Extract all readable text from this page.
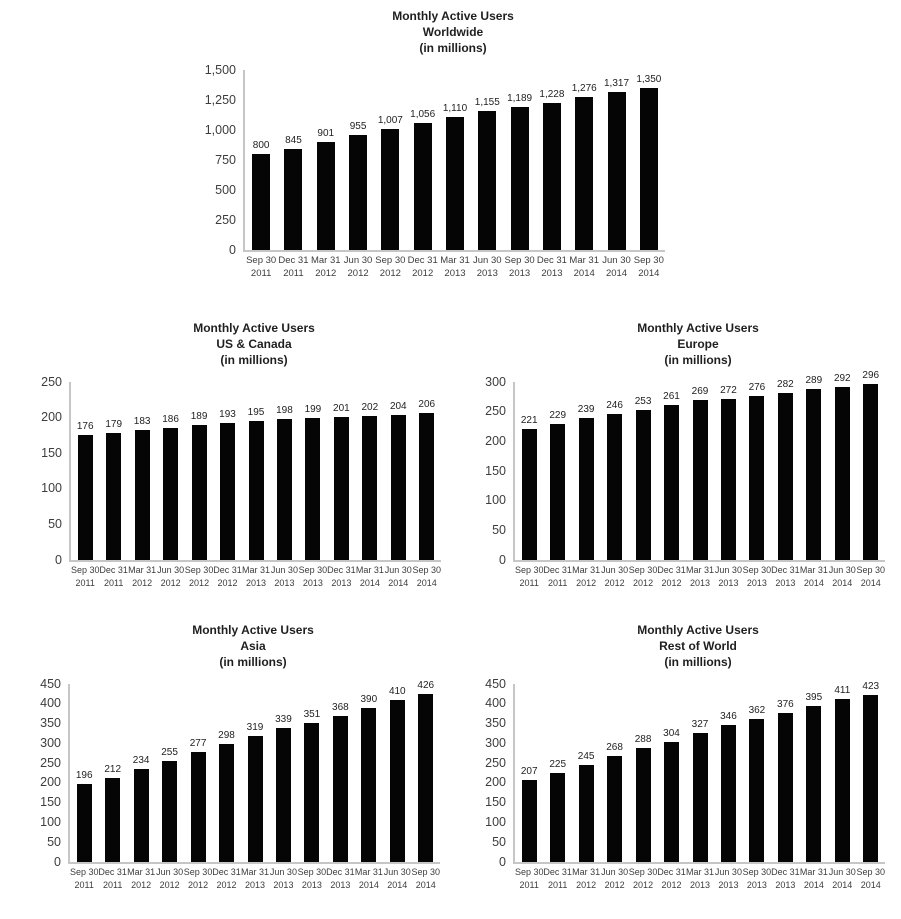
Monthly Active Users
Worldwide
(in millions)
0
250
500
750
1,000
1,250
1,500
800
Sep 30
2011
845
Dec 31
2011
901
Mar 31
2012
955
Jun 30
2012
1,007
Sep 30
2012
1,056
Dec 31
2012
1,110
Mar 31
2013
1,155
Jun 30
2013
1,189
Sep 30
2013
1,228
Dec 31
2013
1,276
Mar 31
2014
1,317
Jun 30
2014
1,350
Sep 30
2014
Monthly Active Users
US & Canada
(in millions)
0
50
100
150
200
250
176
Sep 30
2011
179
Dec 31
2011
183
Mar 31
2012
186
Jun 30
2012
189
Sep 30
2012
193
Dec 31
2012
195
Mar 31
2013
198
Jun 30
2013
199
Sep 30
2013
201
Dec 31
2013
202
Mar 31
2014
204
Jun 30
2014
206
Sep 30
2014
Monthly Active Users
Europe
(in millions)
0
50
100
150
200
250
300
221
Sep 30
2011
229
Dec 31
2011
239
Mar 31
2012
246
Jun 30
2012
253
Sep 30
2012
261
Dec 31
2012
269
Mar 31
2013
272
Jun 30
2013
276
Sep 30
2013
282
Dec 31
2013
289
Mar 31
2014
292
Jun 30
2014
296
Sep 30
2014
Monthly Active Users
Asia
(in millions)
0
50
100
150
200
250
300
350
400
450
196
Sep 30
2011
212
Dec 31
2011
234
Mar 31
2012
255
Jun 30
2012
277
Sep 30
2012
298
Dec 31
2012
319
Mar 31
2013
339
Jun 30
2013
351
Sep 30
2013
368
Dec 31
2013
390
Mar 31
2014
410
Jun 30
2014
426
Sep 30
2014
Monthly Active Users
Rest of World
(in millions)
0
50
100
150
200
250
300
350
400
450
207
Sep 30
2011
225
Dec 31
2011
245
Mar 31
2012
268
Jun 30
2012
288
Sep 30
2012
304
Dec 31
2012
327
Mar 31
2013
346
Jun 30
2013
362
Sep 30
2013
376
Dec 31
2013
395
Mar 31
2014
411
Jun 30
2014
423
Sep 30
2014
